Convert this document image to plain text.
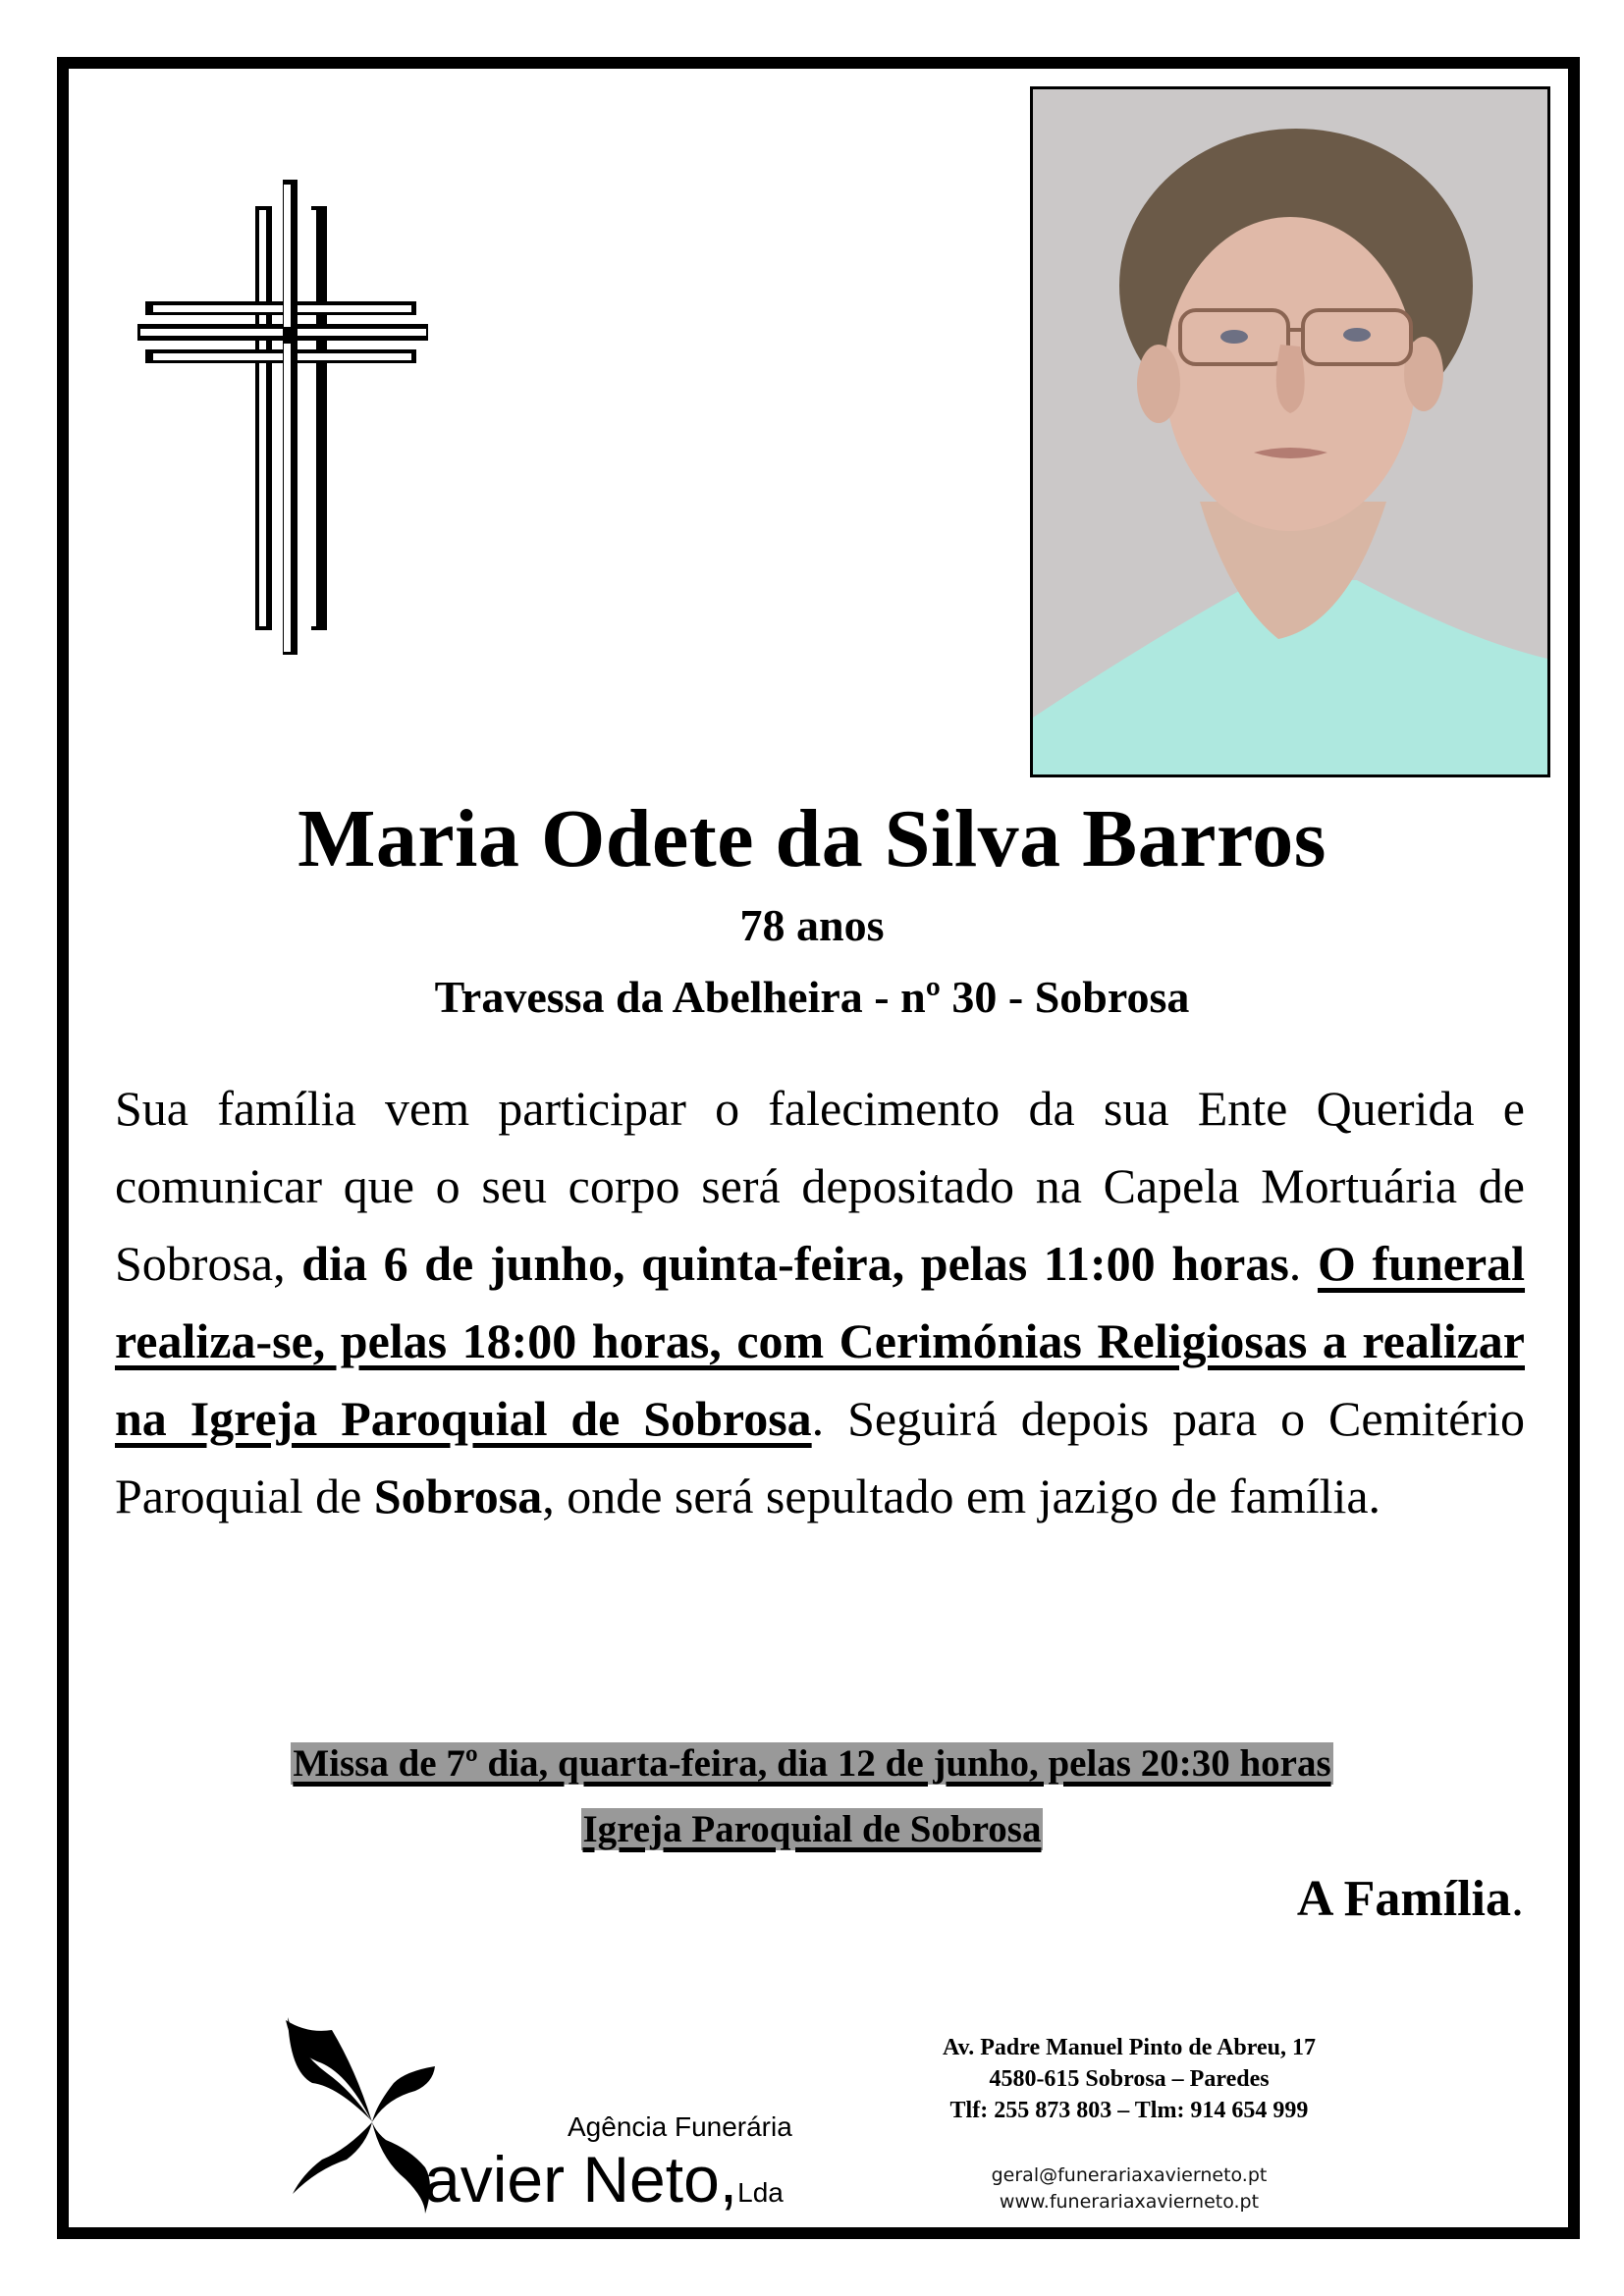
Maria Odete da Silva Barros
78 anos
Travessa da Abelheira - nº 30 - Sobrosa
Sua família vem participar o falecimento da sua Ente Querida e comunicar que o seu corpo será depositado na Capela Mortuária de Sobrosa, dia 6 de junho, quinta-feira, pelas 11:00 horas. O funeral realiza-se, pelas 18:00 horas, com Cerimónias Religiosas a realizar na Igreja Paroquial de Sobrosa. Seguirá depois para o Cemitério Paroquial de Sobrosa, onde será sepultado em jazigo de família.
Missa de 7º dia, quarta-feira, dia 12 de junho, pelas 20:30 horas
Igreja Paroquial de Sobrosa
A Família.
Agência Funerária
avier Neto,Lda
Av. Padre Manuel Pinto de Abreu, 17
4580-615 Sobrosa – Paredes
Tlf: 255 873 803 – Tlm: 914 654 999
geral@funerariaxavierneto.pt
www.funerariaxavierneto.pt
